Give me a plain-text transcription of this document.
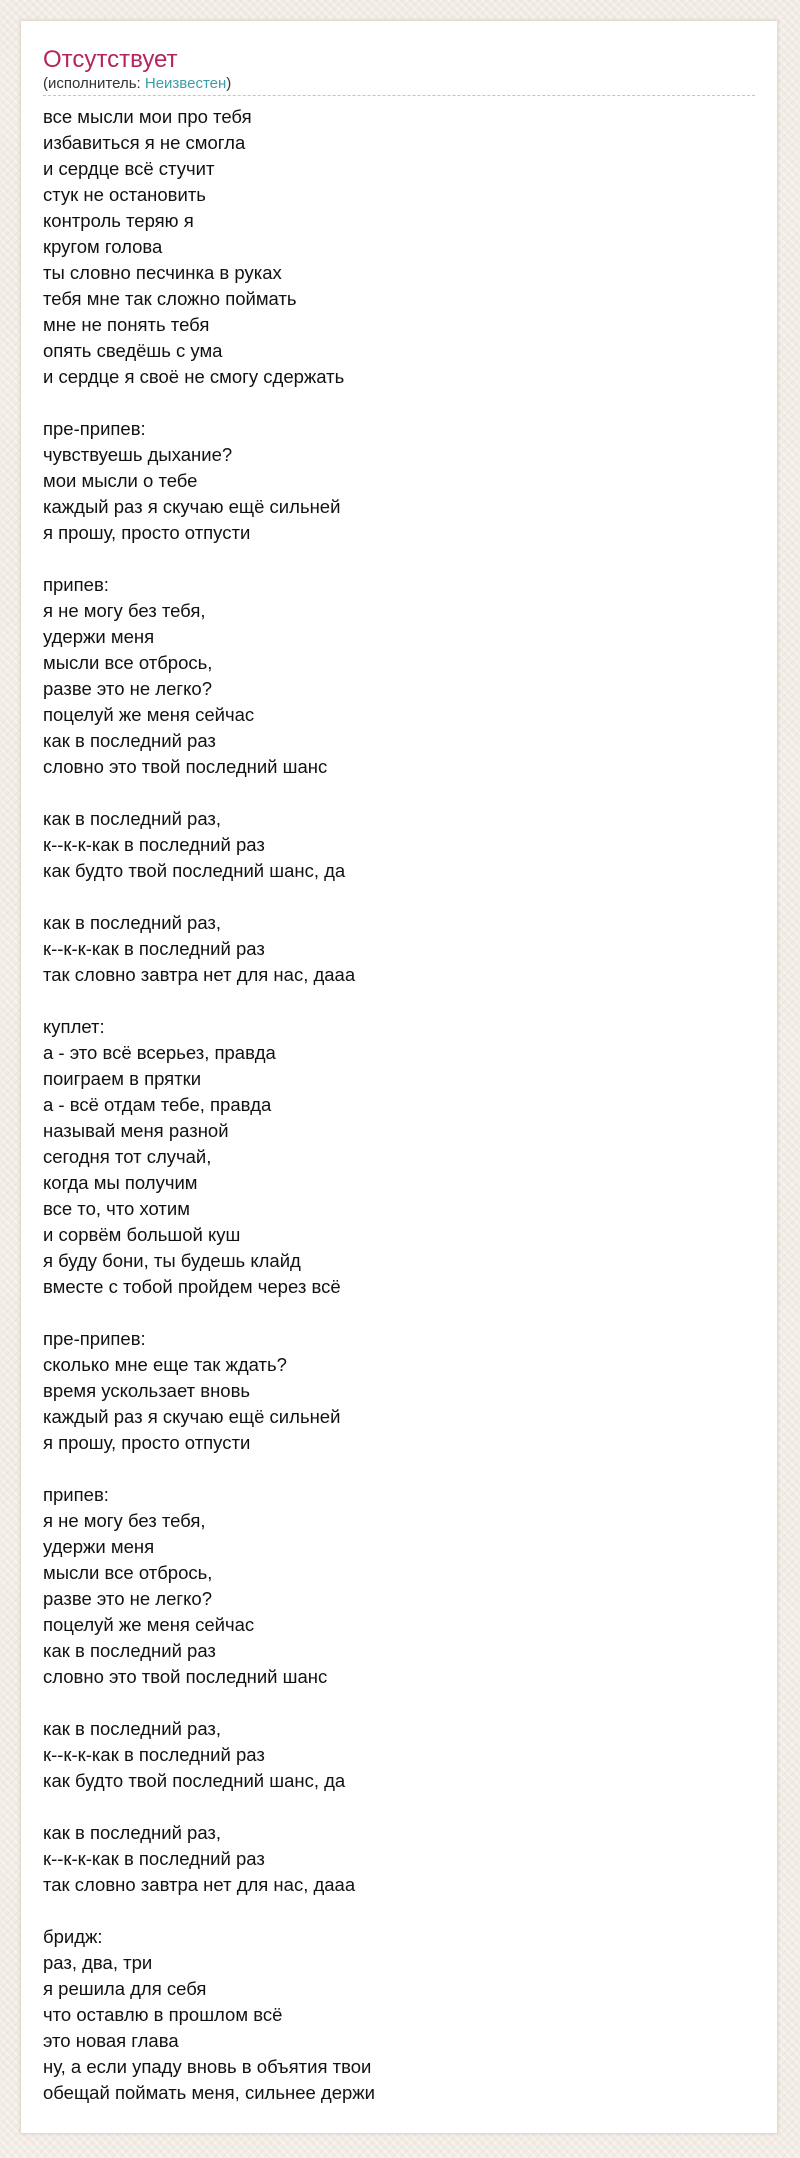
Отсутствует

(исполнитель: Неизвестен)

все мысли мои про тебя
избавиться я не смогла
и сердце всё стучит
стук не остановить
контроль теряю я
кругом голова
ты словно песчинка в руках
тебя мне так сложно поймать
мне не понять тебя
опять сведёшь с ума
и сердце я своё не смогу сдержать
пре-припев:
чувствуешь дыхание?
мои мысли о тебе
каждый раз я скучаю ещё сильней
я прошу, просто отпусти
припев:
я не могу без тебя,
удержи меня
мысли все отбрось,
разве это не легко?
поцелуй же меня сейчас
как в последний раз
словно это твой последний шанс
как в последний раз,
к--к-к-как в последний раз
как будто твой последний шанс, да
как в последний раз,
к--к-к-как в последний раз
так словно завтра нет для нас, дааа
куплет:
а - это всё всерьез, правда
поиграем в прятки
а - всё отдам тебе, правда
называй меня разной
сегодня тот случай,
когда мы получим
все то, что хотим
и сорвём большой куш
я буду бони, ты будешь клайд
вместе с тобой пройдем через всё
пре-припев:
сколько мне еще так ждать?
время ускользает вновь
каждый раз я скучаю ещё сильней
я прошу, просто отпусти
припев:
я не могу без тебя,
удержи меня
мысли все отбрось,
разве это не легко?
поцелуй же меня сейчас
как в последний раз
словно это твой последний шанс
как в последний раз,
к--к-к-как в последний раз
как будто твой последний шанс, да
как в последний раз,
к--к-к-как в последний раз
так словно завтра нет для нас, дааа
бридж:
раз, два, три
я решила для себя
что оставлю в прошлом всё
это новая глава
ну, а если упаду вновь в объятия твои
обещай поймать меня, сильнее держи
